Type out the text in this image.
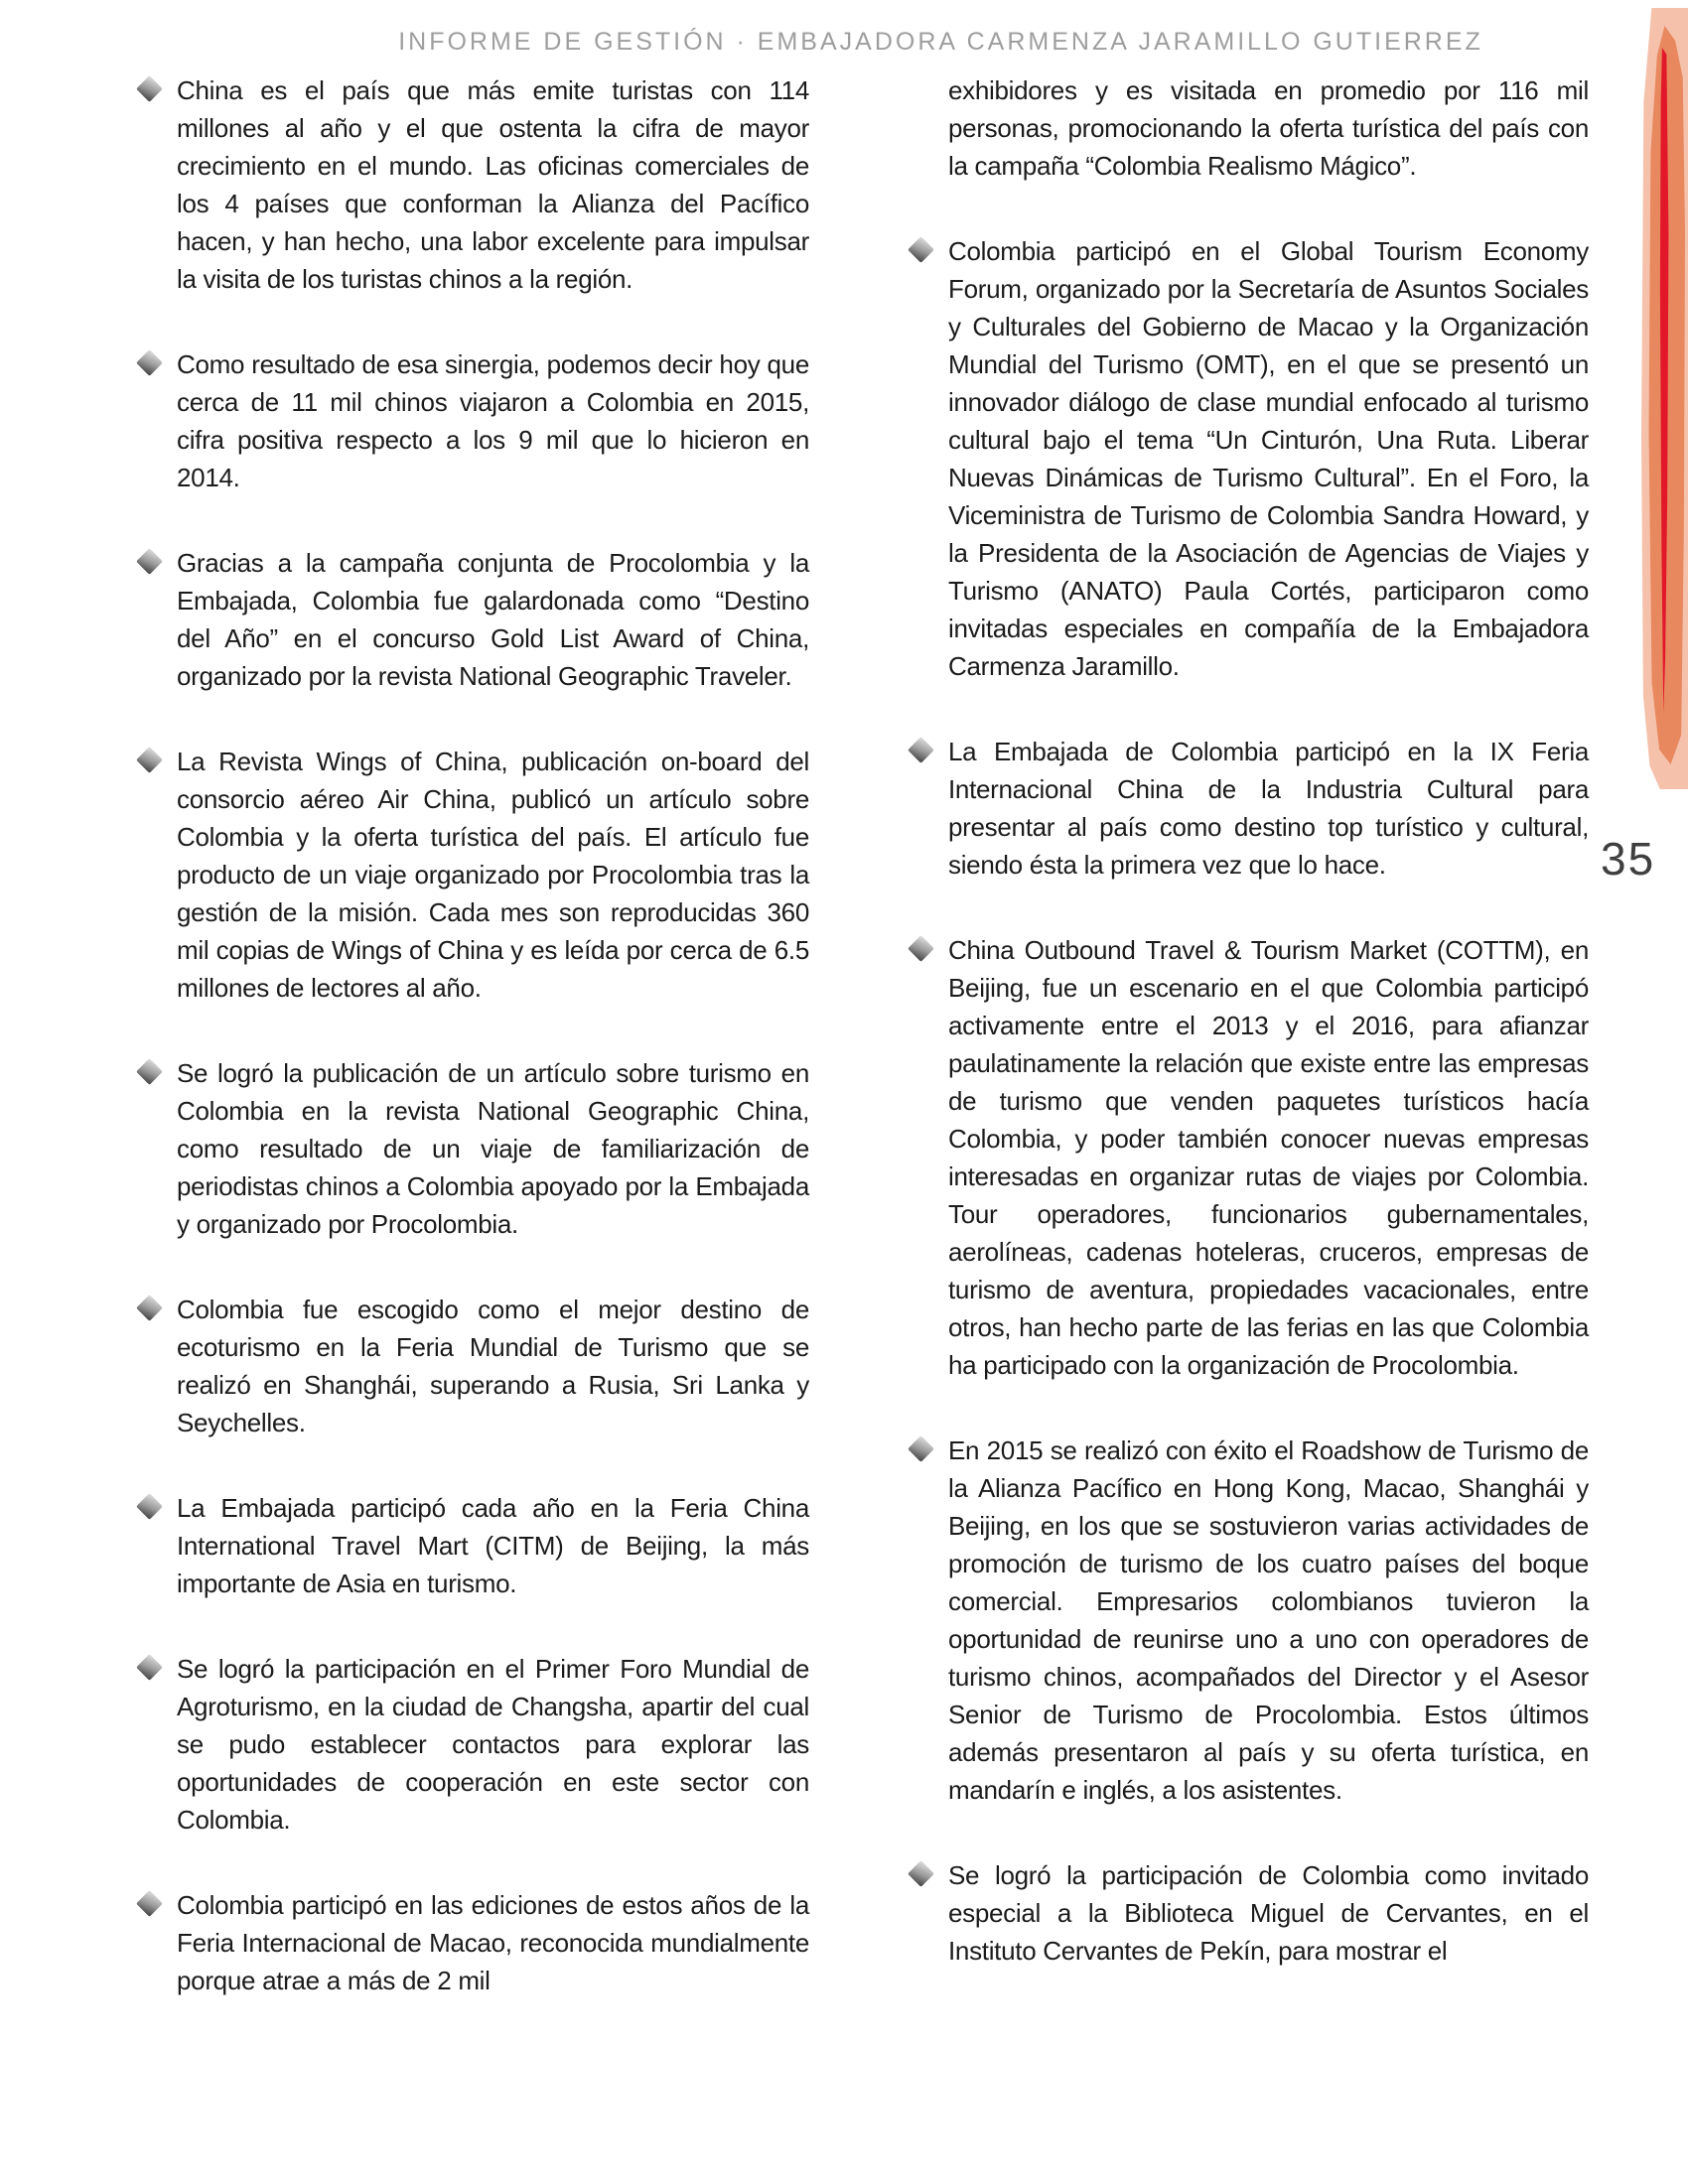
INFORME DE GESTIÓN · EMBAJADORA CARMENZA JARAMILLO GUTIERREZ

China es el país que más emite turistas con 114 millones al año y el que ostenta la cifra de mayor crecimiento en el mundo. Las oficinas comerciales de los 4 países que conforman la Alianza del Pacífico hacen, y han hecho, una labor excelente para impulsar la visita de los turistas chinos a la región.

Como resultado de esa sinergia, podemos decir hoy que cerca de 11 mil chinos viajaron a Colombia en 2015, cifra positiva respecto a los 9 mil que lo hicieron en 2014.

Gracias a la campaña conjunta de Procolombia y la Embajada, Colombia fue galardonada como “Destino del Año” en el concurso Gold List Award of China, organizado por la revista National Geographic Traveler.

La Revista Wings of China, publicación on-board del consorcio aéreo Air China, publicó un artículo sobre Colombia y la oferta turística del país. El artículo fue producto de un viaje organizado por Procolombia tras la gestión de la misión. Cada mes son reproducidas 360 mil copias de Wings of China y es leída por cerca de 6.5 millones de lectores al año.

Se logró la publicación de un artículo sobre turismo en Colombia en la revista National Geographic China, como resultado de un viaje de familiarización de periodistas chinos a Colombia apoyado por la Embajada y organizado por Procolombia.

Colombia fue escogido como el mejor destino de ecoturismo en la Feria Mundial de Turismo que se realizó en Shanghái, superando a Rusia, Sri Lanka y Seychelles.

La Embajada participó cada año en la Feria China International Travel Mart (CITM) de Beijing, la más importante de Asia en turismo.

Se logró la participación en el Primer Foro Mundial de Agroturismo, en la ciudad de Changsha, apartir del cual se pudo establecer contactos para explorar las oportunidades de cooperación en este sector con Colombia.

Colombia participó en las ediciones de estos años de la Feria Internacional de Macao, reconocida mundialmente porque atrae a más de 2 mil

exhibidores y es visitada en promedio por 116 mil personas, promocionando la oferta turística del país con la campaña “Colombia Realismo Mágico”.

Colombia participó en el Global Tourism Economy Forum, organizado por la Secretaría de Asuntos Sociales y Culturales del Gobierno de Macao y la Organización Mundial del Turismo (OMT), en el que se presentó un innovador diálogo de clase mundial enfocado al turismo cultural bajo el tema “Un Cinturón, Una Ruta. Liberar Nuevas Dinámicas de Turismo Cultural”. En el Foro, la Viceministra de Turismo de Colombia Sandra Howard, y la Presidenta de la Asociación de Agencias de Viajes y Turismo (ANATO) Paula Cortés, participaron como invitadas especiales en compañía de la Embajadora Carmenza Jaramillo.

La Embajada de Colombia participó en la IX Feria Internacional China de la Industria Cultural para presentar al país como destino top turístico y cultural, siendo ésta la primera vez que lo hace.

China Outbound Travel & Tourism Market (COTTM), en Beijing, fue un escenario en el que Colombia participó activamente entre el 2013 y el 2016, para afianzar paulatinamente la relación que existe entre las empresas de turismo que venden paquetes turísticos hacía Colombia, y poder también conocer nuevas empresas interesadas en organizar rutas de viajes por Colombia. Tour operadores, funcionarios gubernamentales, aerolíneas, cadenas hoteleras, cruceros, empresas de turismo de aventura, propiedades vacacionales, entre otros, han hecho parte de las ferias en las que Colombia ha participado con la organización de Procolombia.

En 2015 se realizó con éxito el Roadshow de Turismo de la Alianza Pacífico en Hong Kong, Macao, Shanghái y Beijing, en los que se sostuvieron varias actividades de promoción de turismo de los cuatro países del boque comercial. Empresarios colombianos tuvieron la oportunidad de reunirse uno a uno con operadores de turismo chinos, acompañados del Director y el Asesor Senior de Turismo de Procolombia. Estos últimos además presentaron al país y su oferta turística, en mandarín e inglés, a los asistentes.

Se logró la participación de Colombia como invitado especial a la Biblioteca Miguel de Cervantes, en el Instituto Cervantes de Pekín, para mostrar el

35
